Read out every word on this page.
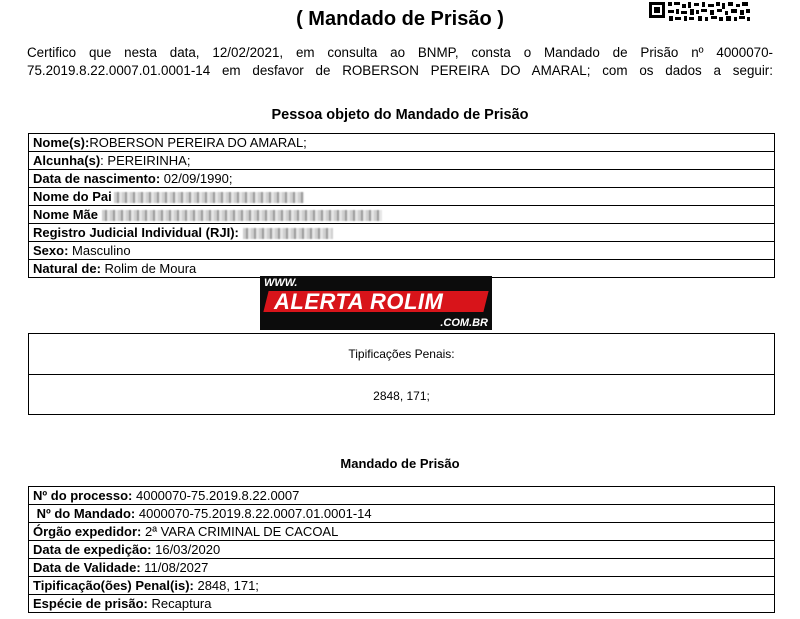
( Mandado de Prisão )
Certifico que nesta data, 12/02/2021, em consulta ao BNMP, consta o Mandado de Prisão nº 4000070-
75.2019.8.22.0007.01.0001-14 em desfavor de ROBERSON PEREIRA DO AMARAL; com os dados a seguir:
Pessoa objeto do Mandado de Prisão
Nome(s):ROBERSON PEREIRA DO AMARAL;
Alcunha(s): PEREIRINHA;
Data de nascimento: 02/09/1990;
Nome do Pai
Nome Mãe
Registro Judicial Individual (RJI):
Sexo: Masculino
Natural de: Rolim de Moura
WWW.
ALERTA ROLIM
.COM.BR
Tipificações Penais:
2848, 171;
Mandado de Prisão
Nº do processo: 4000070-75.2019.8.22.0007
Nº do Mandado: 4000070-75.2019.8.22.0007.01.0001-14
Órgão expedidor: 2ª VARA CRIMINAL DE CACOAL
Data de expedição: 16/03/2020
Data de Validade: 11/08/2027
Tipificação(ões) Penal(is): 2848, 171;
Espécie de prisão: Recaptura
